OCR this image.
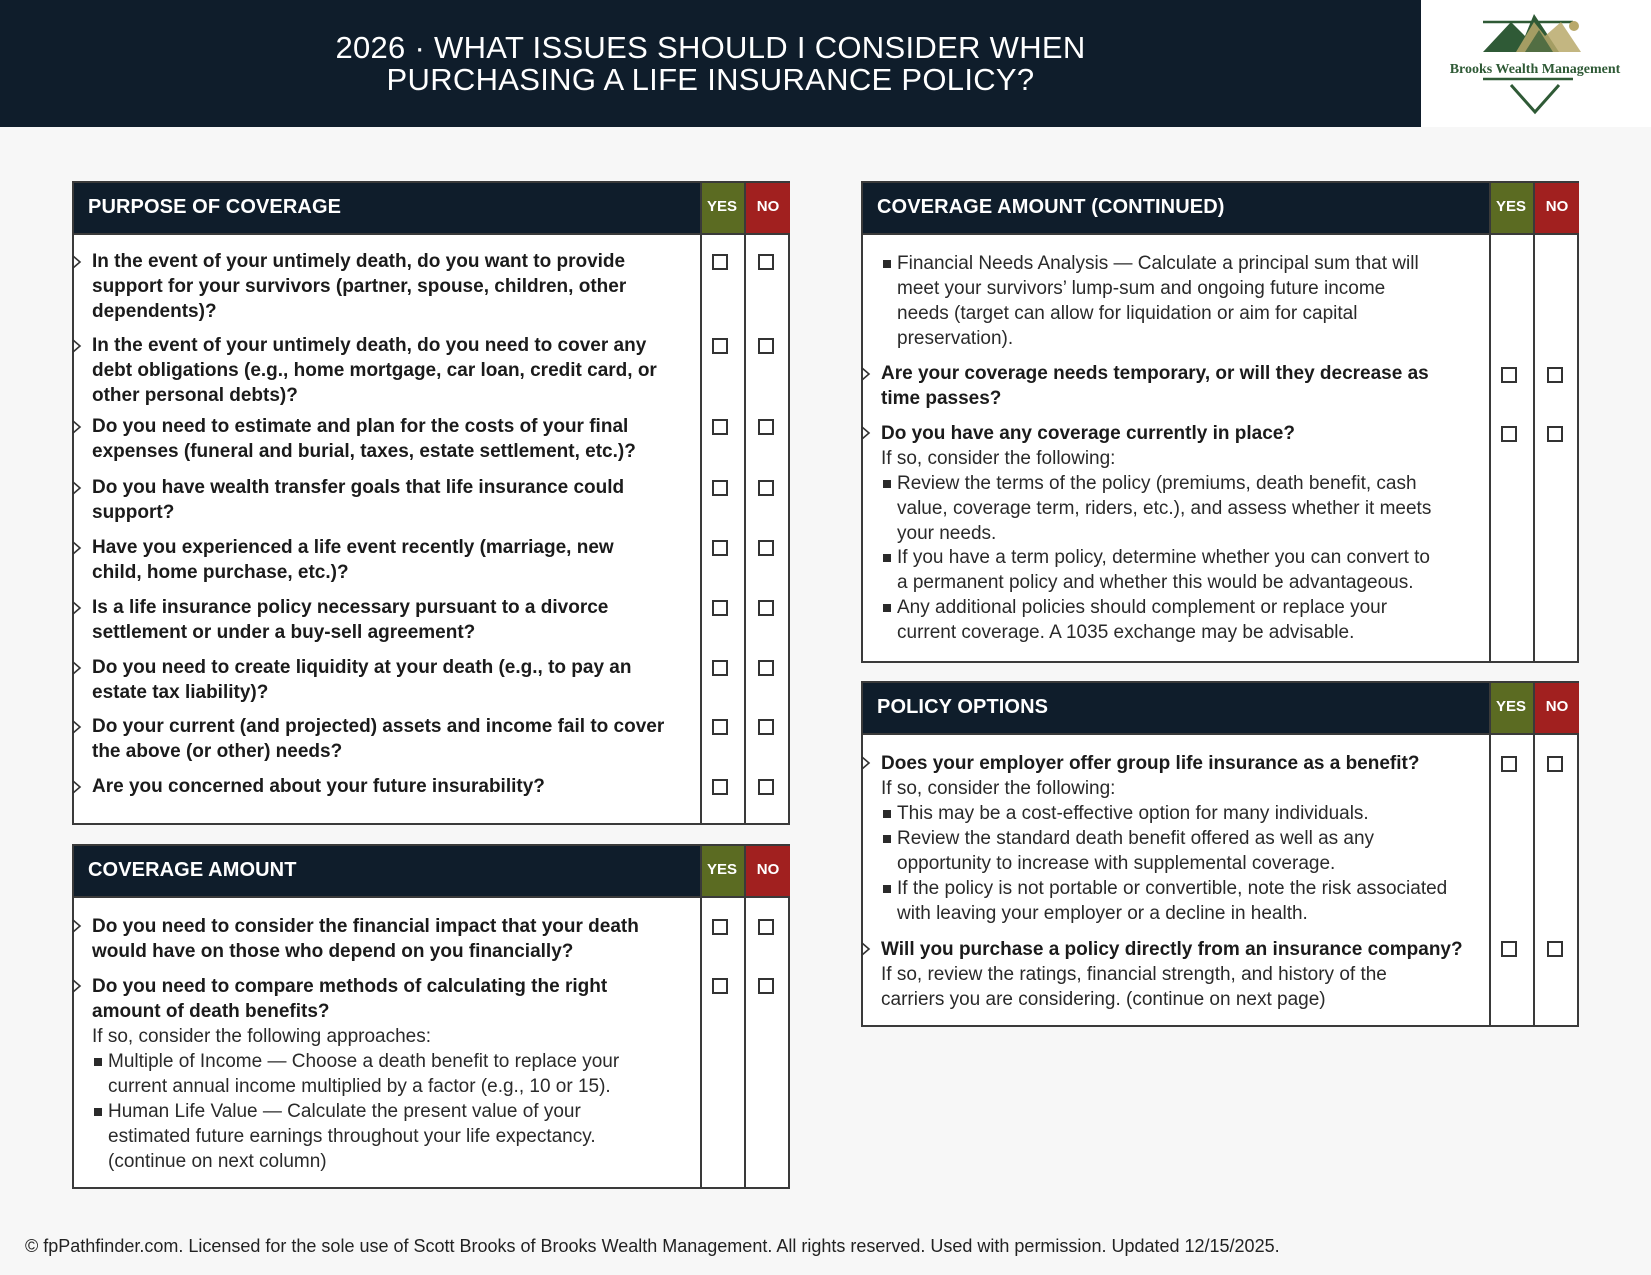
2026 · WHAT ISSUES SHOULD I CONSIDER WHEN
PURCHASING A LIFE INSURANCE POLICY?	Brooks Wealth Management
PURPOSE OF COVERAGE	YES	NO
In the event of your untimely death, do you want to provide
support for your survivors (partner, spouse, children, other
dependents)?
In the event of your untimely death, do you need to cover any
debt obligations (e.g., home mortgage, car loan, credit card, or
other personal debts)?
Do you need to estimate and plan for the costs of your final
expenses (funeral and burial, taxes, estate settlement, etc.)?
Do you have wealth transfer goals that life insurance could
support?
Have you experienced a life event recently (marriage, new
child, home purchase, etc.)?
Is a life insurance policy necessary pursuant to a divorce
settlement or under a buy-sell agreement?
Do you need to create liquidity at your death (e.g., to pay an
estate tax liability)?
Do your current (and projected) assets and income fail to cover
the above (or other) needs?
Are you concerned about your future insurability?
COVERAGE AMOUNT	YES	NO
Do you need to consider the financial impact that your death
would have on those who depend on you financially?
Do you need to compare methods of calculating the right
amount of death benefits?
If so, consider the following approaches:
Multiple of Income — Choose a death benefit to replace your
current annual income multiplied by a factor (e.g., 10 or 15).
Human Life Value — Calculate the present value of your
estimated future earnings throughout your life expectancy.
(continue on next column)
COVERAGE AMOUNT (CONTINUED)	YES	NO
Financial Needs Analysis — Calculate a principal sum that will
meet your survivors’ lump-sum and ongoing future income
needs (target can allow for liquidation or aim for capital
preservation).
Are your coverage needs temporary, or will they decrease as
time passes?
Do you have any coverage currently in place?
If so, consider the following:
Review the terms of the policy (premiums, death benefit, cash
value, coverage term, riders, etc.), and assess whether it meets
your needs.
If you have a term policy, determine whether you can convert to
a permanent policy and whether this would be advantageous.
Any additional policies should complement or replace your
current coverage. A 1035 exchange may be advisable.
POLICY OPTIONS	YES	NO
Does your employer offer group life insurance as a benefit?
If so, consider the following:
This may be a cost-effective option for many individuals.
Review the standard death benefit offered as well as any
opportunity to increase with supplemental coverage.
If the policy is not portable or convertible, note the risk associated
with leaving your employer or a decline in health.
Will you purchase a policy directly from an insurance company?
If so, review the ratings, financial strength, and history of the
carriers you are considering. (continue on next page)
© fpPathfinder.com. Licensed for the sole use of Scott Brooks of Brooks Wealth Management. All rights reserved. Used with permission. Updated 12/15/2025.
